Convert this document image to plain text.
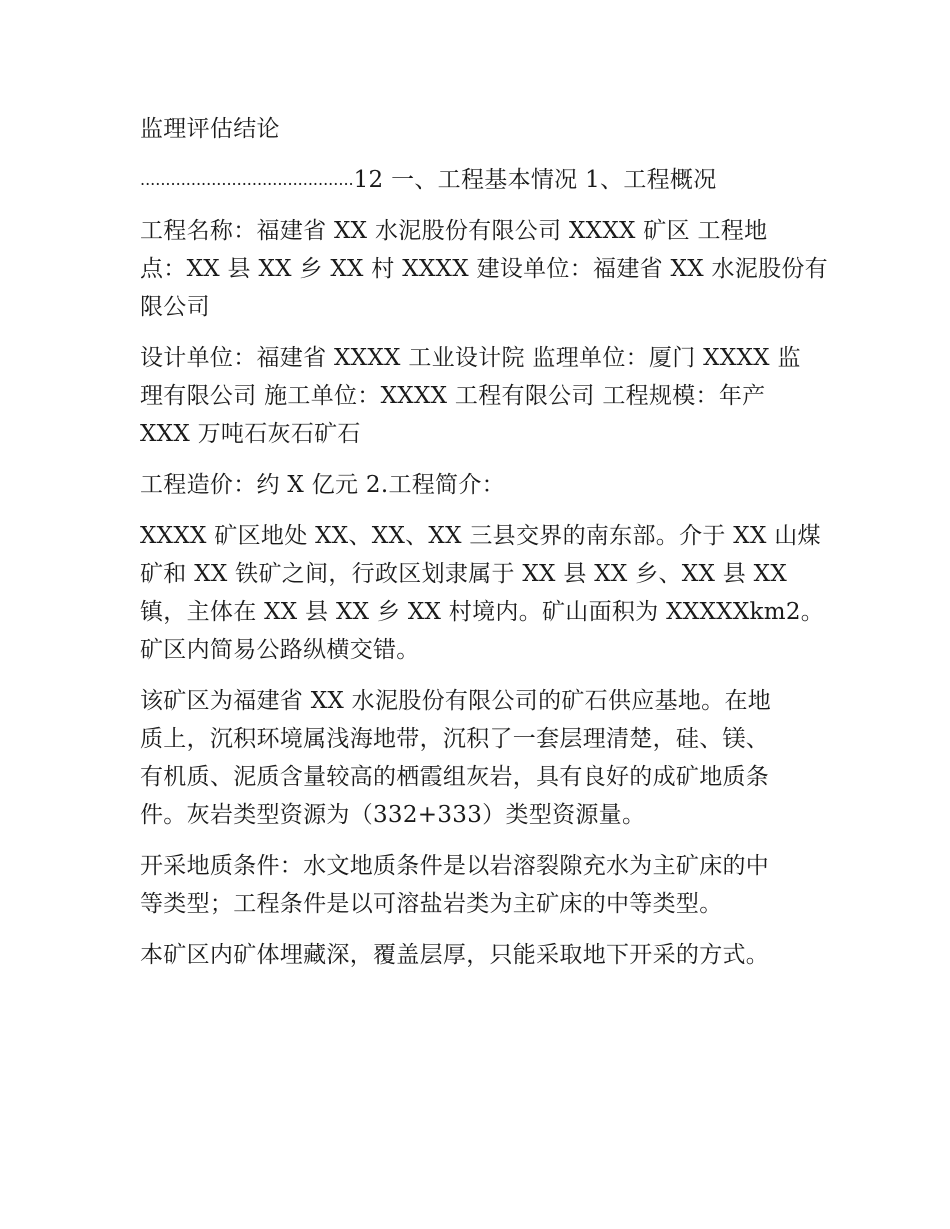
监理评估结论

..........................................12 一、工程基本情况 1、工程概况

工程名称：福建省 XX 水泥股份有限公司 XXXX 矿区 工程地

点：XX 县 XX 乡 XX 村 XXXX 建设单位：福建省 XX 水泥股份有

限公司

设计单位：福建省 XXXX 工业设计院 监理单位：厦门 XXXX 监

理有限公司 施工单位：XXXX 工程有限公司 工程规模：年产

XXX 万吨石灰石矿石

工程造价：约 X 亿元 2.工程简介：

XXXX 矿区地处 XX、XX、XX 三县交界的南东部。介于 XX 山煤

矿和 XX 铁矿之间，行政区划隶属于 XX 县 XX 乡、XX 县 XX

镇，主体在 XX 县 XX 乡 XX 村境内。矿山面积为 XXXXXkm2。

矿区内简易公路纵横交错。

该矿区为福建省 XX 水泥股份有限公司的矿石供应基地。在地

质上，沉积环境属浅海地带，沉积了一套层理清楚，硅、镁、

有机质、泥质含量较高的栖霞组灰岩，具有良好的成矿地质条

件。灰岩类型资源为（332+333）类型资源量。

开采地质条件：水文地质条件是以岩溶裂隙充水为主矿床的中

等类型；工程条件是以可溶盐岩类为主矿床的中等类型。

本矿区内矿体埋藏深，覆盖层厚，只能采取地下开采的方式。
